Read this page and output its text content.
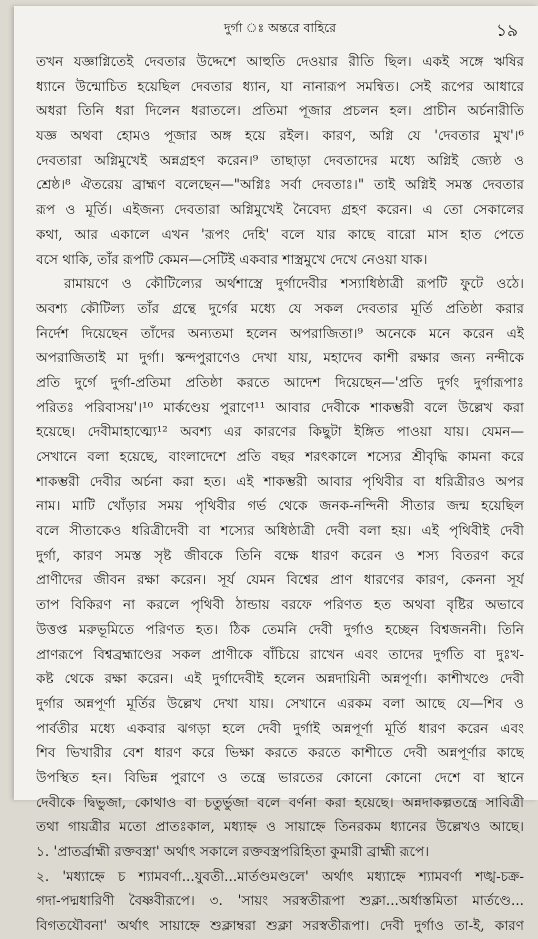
দুর্গা ঃ অন্তরে বাহিরে	১৯
তখন যজ্ঞাগ্নিতেই দেবতার উদ্দেশে আহুতি দেওয়ার রীতি ছিল। একই সঙ্গে ঋষির
ধ্যানে উন্মোচিত হয়েছিল দেবতার ধ্যান, যা নানারূপ সমন্বিত। সেই রূপের আধারে
অধরা তিনি ধরা দিলেন ধরাতলে। প্রতিমা পূজার প্রচলন হল। প্রাচীন অর্চনারীতি
যজ্ঞ অথবা হোমও পূজার অঙ্গ হয়ে রইল। কারণ, অগ্নি যে 'দেবতার মুখ'।⁶
দেবতারা অগ্নিমুখেই অন্নগ্রহণ করেন।⁹ তাছাড়া দেবতাদের মধ্যে অগ্নিই জ্যেষ্ঠ ও
শ্রেষ্ঠ।⁸ ঐতরেয় ব্রাহ্মণ বলেছেন—"অগ্নিঃ সর্বা দেবতাঃ।" তাই অগ্নিই সমস্ত দেবতার
রূপ ও মূর্তি। এইজন্য দেবতারা অগ্নিমুখেই নৈবেদ্য গ্রহণ করেন। এ তো সেকালের
কথা, আর একালে এখন 'রূপং দেহি' বলে যার কাছে বারো মাস হাত পেতে
বসে থাকি, তাঁর রূপটি কেমন—সেটিই একবার শাস্ত্রমুখে দেখে নেওয়া যাক।
রামায়ণে ও কৌটিল্যের অর্থশাস্ত্রে দুর্গাদেবীর শস্যাধিষ্ঠাত্রী রূপটি ফুটে ওঠে।
অবশ্য কৌটিল্য তাঁর গ্রন্থে দুর্গের মধ্যে যে সকল দেবতার মূর্তি প্রতিষ্ঠা করার
নির্দেশ দিয়েছেন তাঁদের অন্যতমা হলেন অপরাজিতা।⁹ অনেকে মনে করেন এই
অপরাজিতাই মা দুর্গা। স্কন্দপুরাণেও দেখা যায়, মহাদেব কাশী রক্ষার জন্য নন্দীকে
প্রতি দুর্গে দুর্গা-প্রতিমা প্রতিষ্ঠা করতে আদেশ দিয়েছেন—'প্রতি দুর্গং দুর্গারূপাঃ
পরিতঃ পরিবাসয়'।¹⁰ মার্কণ্ডেয় পুরাণে¹¹ আবার দেবীকে শাকম্ভরী বলে উল্লেখ করা
হয়েছে। দেবীমাহাত্ম্যে¹² অবশ্য এর কারণের কিছুটা ইঙ্গিত পাওয়া যায়। যেমন—
সেখানে বলা হয়েছে, বাংলাদেশে প্রতি বছর শরৎকালে শস্যের শ্রীবৃদ্ধি কামনা করে
শাকম্ভরী দেবীর অর্চনা করা হত। এই শাকম্ভরী আবার পৃথিবীর বা ধরিত্রীরও অপর
নাম। মাটি খোঁড়ার সময় পৃথিবীর গর্ভ থেকে জনক-নন্দিনী সীতার জন্ম হয়েছিল
বলে সীতাকেও ধরিত্রীদেবী বা শস্যের অধিষ্ঠাত্রী দেবী বলা হয়। এই পৃথিবীই দেবী
দুর্গা, কারণ সমস্ত সৃষ্ট জীবকে তিনি বক্ষে ধারণ করেন ও শস্য বিতরণ করে
প্রাণীদের জীবন রক্ষা করেন। সূর্য যেমন বিশ্বের প্রাণ ধারণের কারণ, কেননা সূর্য
তাপ বিকিরণ না করলে পৃথিবী ঠান্ডায় বরফে পরিণত হত অথবা বৃষ্টির অভাবে
উত্তপ্ত মরুভূমিতে পরিণত হত। ঠিক তেমনি দেবী দুর্গাও হচ্ছেন বিশ্বজননী। তিনি
প্রাণরূপে বিশ্বব্রহ্মাণ্ডের সকল প্রাণীকে বাঁচিয়ে রাখেন এবং তাদের দুর্গতি বা দুঃখ-
কষ্ট থেকে রক্ষা করেন। এই দুর্গাদেবীই হলেন অন্নদায়িনী অন্নপূর্ণা। কাশীখণ্ডে দেবী
দুর্গার অন্নপূর্ণা মূর্তির উল্লেখ দেখা যায়। সেখানে এরকম বলা আছে যে—শিব ও
পার্বতীর মধ্যে একবার ঝগড়া হলে দেবী দুর্গাই অন্নপূর্ণা মূর্তি ধারণ করেন এবং
শিব ভিখারীর বেশ ধারণ করে ভিক্ষা করতে করতে কাশীতে দেবী অন্নপূর্ণার কাছে
উপস্থিত হন। বিভিন্ন পুরাণে ও তন্ত্রে ভারতের কোনো কোনো দেশে বা স্থানে
দেবীকে দ্বিভুজা, কোথাও বা চতুর্ভুজা বলে বর্ণনা করা হয়েছে। অন্নদাকল্পতন্ত্রে সাবিত্রী
তথা গায়ত্রীর মতো প্রাতঃকাল, মধ্যাহ্ন ও সায়াহ্নে তিনরকম ধ্যানের উল্লেখও আছে।
১. 'প্রাতর্ব্রাহ্মী রক্তবস্ত্রা' অর্থাৎ সকালে রক্তবস্ত্রপরিহিতা কুমারী ব্রাহ্মী রূপে।
২. 'মধ্যাহ্নে চ শ্যামবর্ণা...যুবতী...মার্তণ্ডমণ্ডলে' অর্থাৎ মধ্যাহ্নে শ্যামবর্ণা শঙ্খ-চক্র-
গদা-পদ্মধারিণী বৈষ্ণবীরূপে। ৩. 'সায়ং সরস্বতীরূপা শুক্লা...অর্ধাস্তমিতা মার্তণ্ডে...
বিগতযৌবনা' অর্থাৎ সায়াহ্নে শুক্লাম্বরা শুক্লা সরস্বতীরূপা। দেবী দুর্গাও তা-ই, কারণ
